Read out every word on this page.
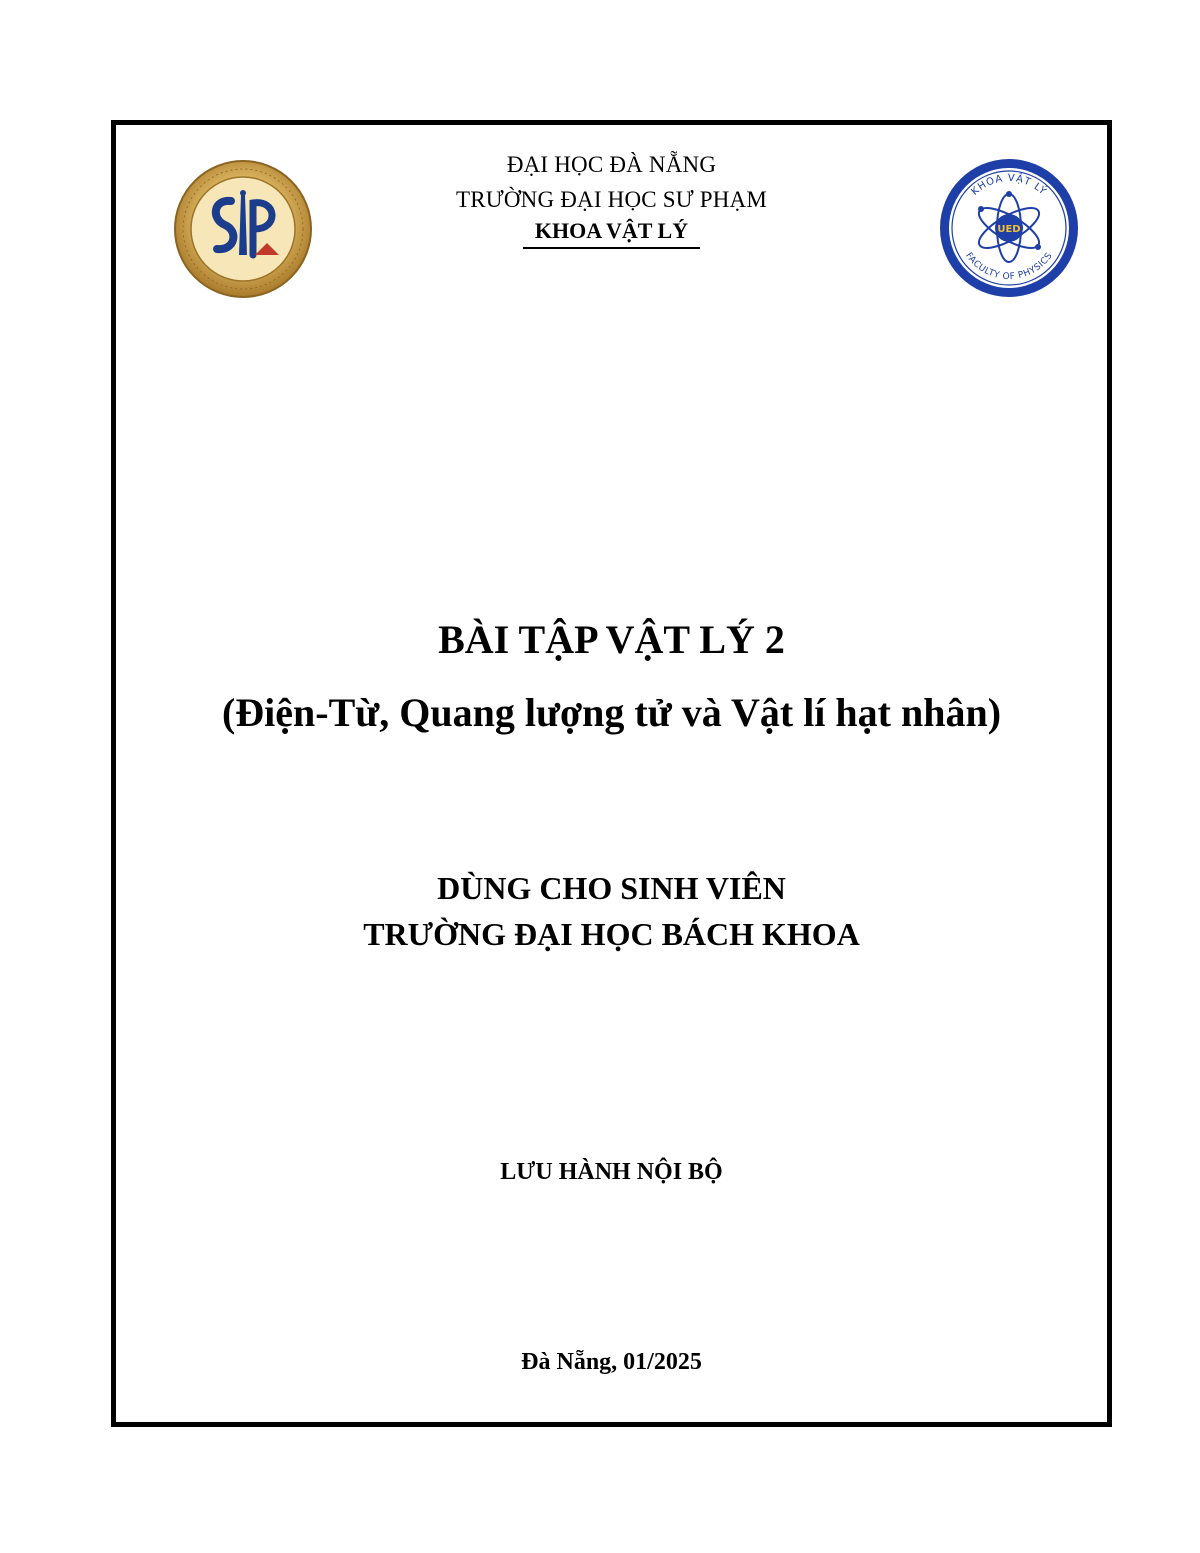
ĐẠI HỌC ĐÀ NẴNG
TRƯỜNG ĐẠI HỌC SƯ PHẠM
KHOA VẬT LÝ
KHOA VẬT LÝ
FACULTY OF PHYSICS
UED
BÀI TẬP VẬT LÝ 2
(Điện-Từ, Quang lượng tử và Vật lí hạt nhân)
DÙNG CHO SINH VIÊN
TRƯỜNG ĐẠI HỌC BÁCH KHOA
LƯU HÀNH NỘI BỘ
Đà Nẵng, 01/2025
